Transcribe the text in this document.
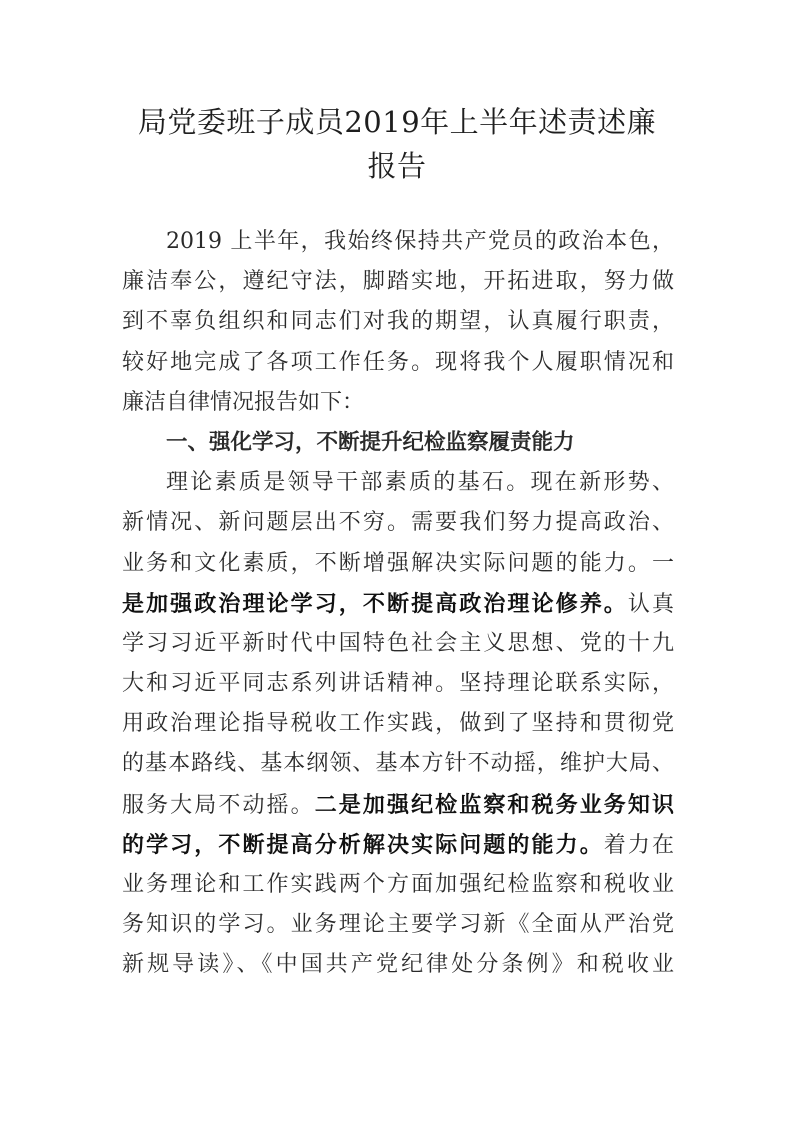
局党委班子成员2019年上半年述责述廉
报告
2019 上半年，我始终保持共产党员的政治本色，
廉洁奉公，遵纪守法，脚踏实地，开拓进取，努力做
到不辜负组织和同志们对我的期望，认真履行职责，
较好地完成了各项工作任务。现将我个人履职情况和
廉洁自律情况报告如下：
一、强化学习，不断提升纪检监察履责能力
理论素质是领导干部素质的基石。现在新形势、
新情况、新问题层出不穷。需要我们努力提高政治、
业务和文化素质，不断增强解决实际问题的能力。一
是加强政治理论学习，不断提高政治理论修养。认真
学习习近平新时代中国特色社会主义思想、党的十九
大和习近平同志系列讲话精神。坚持理论联系实际，
用政治理论指导税收工作实践，做到了坚持和贯彻党
的基本路线、基本纲领、基本方针不动摇，维护大局、
服务大局不动摇。二是加强纪检监察和税务业务知识
的学习，不断提高分析解决实际问题的能力。着力在
业务理论和工作实践两个方面加强纪检监察和税收业
务知识的学习。业务理论主要学习新《全面从严治党
新规导读》、《中国共产党纪律处分条例》和税收业
